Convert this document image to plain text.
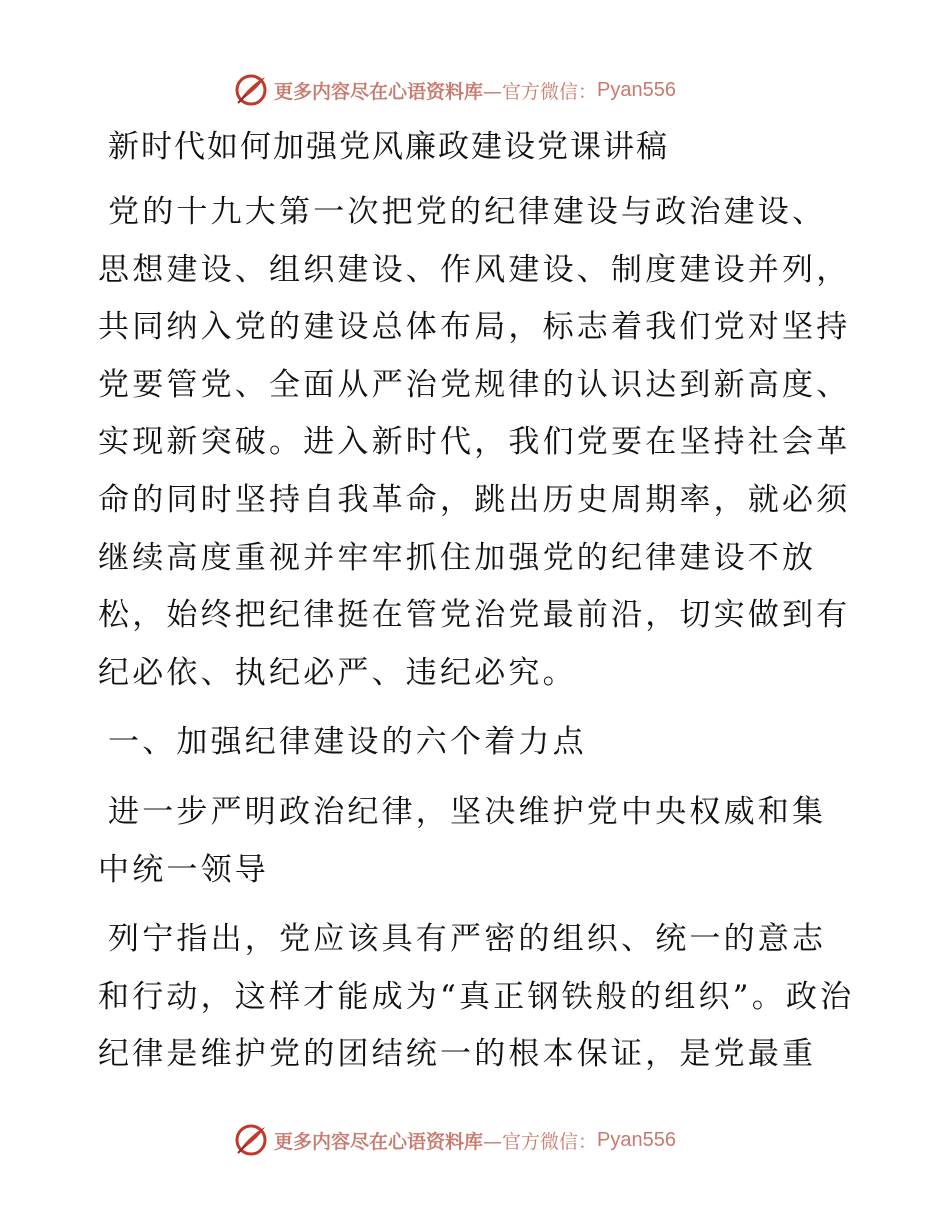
更多内容尽在心语资料库 —官方微信： Pyan556
新时代如何加强党风廉政建设党课讲稿

党的十九大第一次把党的纪律建设与政治建设、思想建设、组织建设、作风建设、制度建设并列，共同纳入党的建设总体布局，标志着我们党对坚持党要管党、全面从严治党规律的认识达到新高度、实现新突破。进入新时代，我们党要在坚持社会革命的同时坚持自我革命，跳出历史周期率，就必须继续高度重视并牢牢抓住加强党的纪律建设不放松，始终把纪律挺在管党治党最前沿，切实做到有纪必依、执纪必严、违纪必究。

一、加强纪律建设的六个着力点

进一步严明政治纪律，坚决维护党中央权威和集中统一领导

列宁指出，党应该具有严密的组织、统一的意志和行动，这样才能成为“真正钢铁般的组织”。政治纪律是维护党的团结统一的根本保证，是党最重

更多内容尽在心语资料库 —官方微信： Pyan556
